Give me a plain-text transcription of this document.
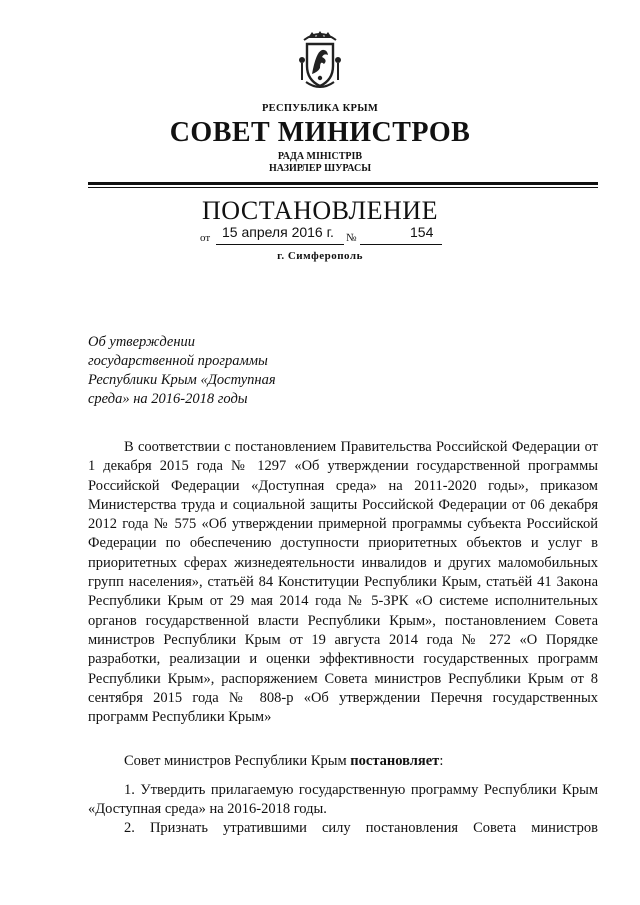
РЕСПУБЛИКА КРЫМ
СОВЕТ МИНИСТРОВ
РАДА МІНІСТРІВ
НАЗИРЛЕР ШУРАСЫ
ПОСТАНОВЛЕНИЕ
от	№
15 апреля 2016 г.	154
г. Симферополь
Об утверждении
государственной программы
Республики Крым «Доступная
среда» на 2016-2018 годы
В соответствии с постановлением Правительства Российской Федерации от 1 декабря 2015 года № 1297 «Об утверждении государственной программы Российской Федерации «Доступная среда» на 2011-2020 годы», приказом Министерства труда и социальной защиты Российской Федерации от 06 декабря 2012 года № 575 «Об утверждении примерной программы субъекта Российской Федерации по обеспечению доступности приоритетных объектов и услуг в приоритетных сферах жизнедеятельности инвалидов и других маломобильных групп населения», статьёй 84 Конституции Республики Крым, статьёй 41 Закона Республики Крым от 29 мая 2014 года № 5-ЗРК «О системе исполнительных органов государственной власти Республики Крым», постановлением Совета министров Республики Крым от 19 августа 2014 года № 272 «О Порядке разработки, реализации и оценки эффективности государственных программ Республики Крым», распоряжением Совета министров Республики Крым от 8 сентября 2015 года № 808-р «Об утверждении Перечня государственных программ Республики Крым»
Совет министров Республики Крым постановляет:
1. Утвердить прилагаемую государственную программу Республики Крым «Доступная среда» на 2016-2018 годы.
2. Признать утратившими силу постановления Совета министров
